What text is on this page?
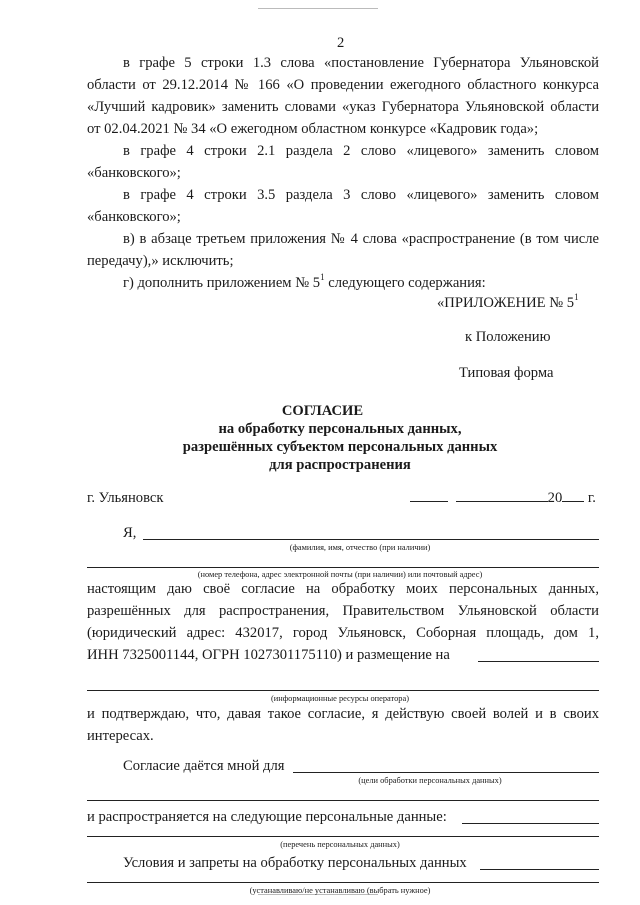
2
в графе 5 строки 1.3 слова «постановление Губернатора Ульяновской
области от 29.12.2014 № 166 «О проведении ежегодного областного конкурса
«Лучший кадровик» заменить словами «указ Губернатора Ульяновской области
от 02.04.2021 № 34 «О ежегодном областном конкурсе «Кадровик года»;
в графе 4 строки 2.1 раздела 2 слово «лицевого» заменить словом
«банковского»;
в графе 4 строки 3.5 раздела 3 слово «лицевого» заменить словом
«банковского»;
в) в абзаце третьем приложения № 4 слова «распространение (в том числе
передачу),» исключить;
г) дополнить приложением № $5^1$ следующего содержания:
«ПРИЛОЖЕНИЕ № $5^1$
к Положению
Типовая форма
СОГЛАСИЕ
на обработку персональных данных,
разрешённых субъектом персональных данных
для распространения
г. Ульяновск	20 г.
Я,
(фамилия, имя, отчество (при наличии)
(номер телефона, адрес электронной почты (при наличии) или почтовый адрес)
настоящим даю своё согласие на обработку моих персональных данных,
разрешённых для распространения, Правительством Ульяновской области
(юридический адрес: 432017, город Ульяновск, Соборная площадь, дом 1,
ИНН 7325001144, ОГРН 1027301175110) и размещение на
(информационные ресурсы оператора)
и подтверждаю, что, давая такое согласие, я действую своей волей и в своих
интересах.
Согласие даётся мной для
(цели обработки персональных данных)
и распространяется на следующие персональные данные:
(перечень персональных данных)
Условия и запреты на обработку персональных данных
(устанавливаю/не устанавливаю (выбрать нужное)
